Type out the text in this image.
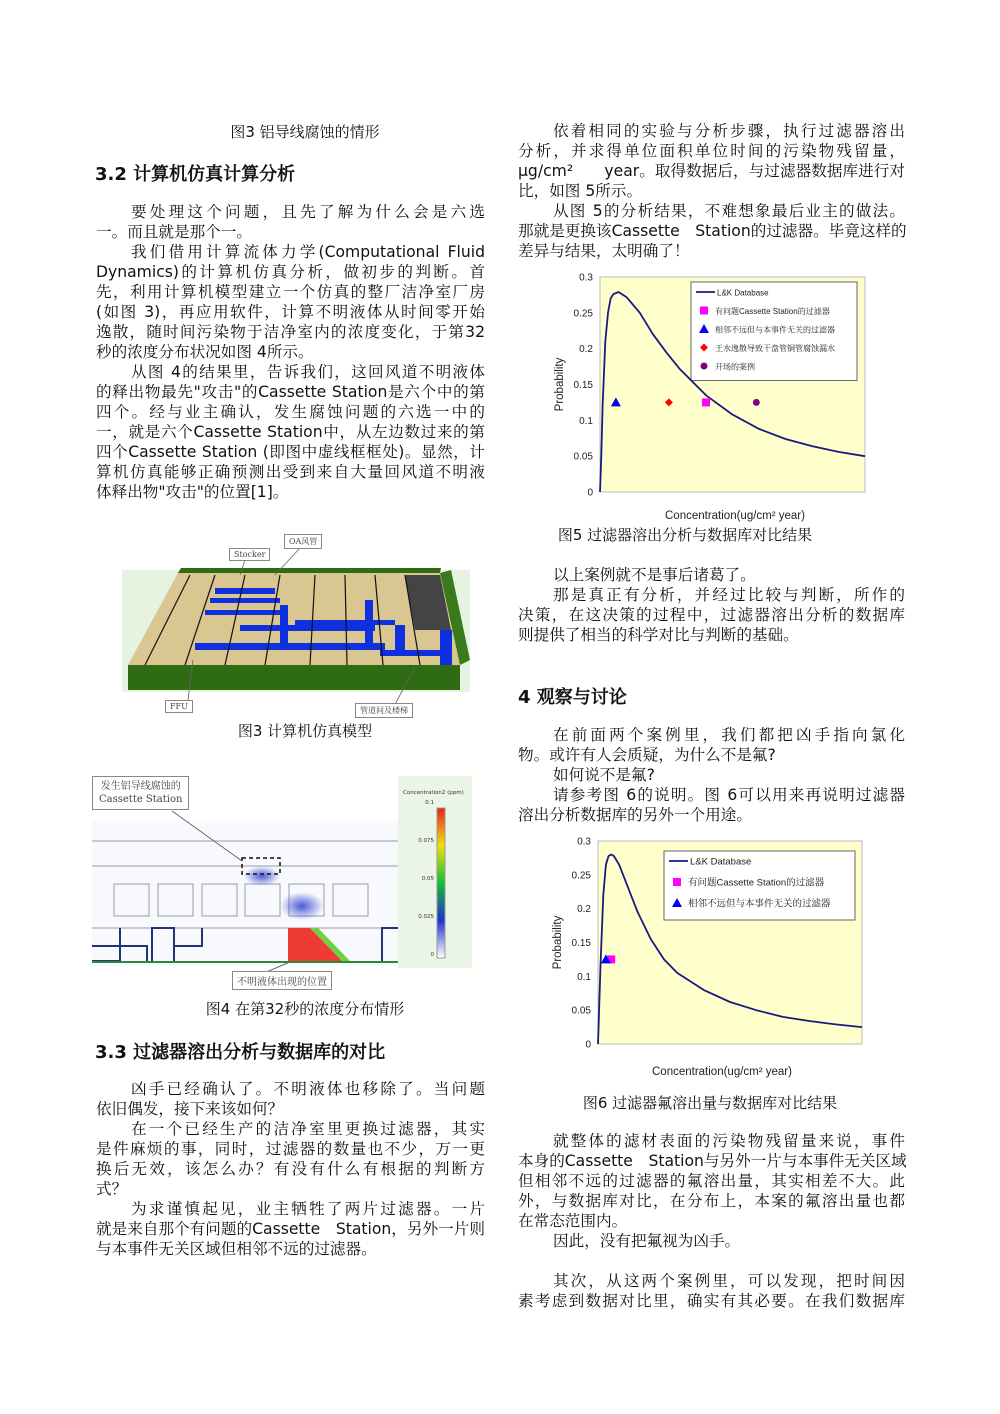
图3 铝导线腐蚀的情形
3.2 计算机仿真计算分析
要处理这个问题，且先了解为什么会是六选
一。而且就是那个一。
我们借用计算流体力学(Computational Fluid
Dynamics)的计算机仿真分析，做初步的判断。首
先，利用计算机模型建立一个仿真的整厂洁净室厂房
(如图 3)，再应用软件，计算不明液体从时间零开始
逸散，随时间污染物于洁净室内的浓度变化，于第32
秒的浓度分布状况如图 4所示。
从图 4的结果里，告诉我们，这回风道不明液体
的释出物最先"攻击"的Cassette Station是六个中的第
四个。经与业主确认，发生腐蚀问题的六选一中的
一，就是六个Cassette Station中，从左边数过来的第
四个Cassette Station (即图中虚线框框处)。显然，计
算机仿真能够正确预测出受到来自大量回风道不明液
体释出物"攻击"的位置[1]。
Stocker
OA风管
FFU	管道间及楼梯
图3 计算机仿真模型
发生铝导线腐蚀的
Cassette Station
Concentration2 (ppm)
0.1
0.075
0.05
0.025
0
不明液体出现的位置
图4 在第32秒的浓度分布情形
3.3 过滤器溶出分析与数据库的对比
凶手已经确认了。不明液体也移除了。当问题
依旧偶发，接下来该如何？
在一个已经生产的洁净室里更换过滤器，其实
是件麻烦的事，同时，过滤器的数量也不少，万一更
换后无效，该怎么办？有没有什么有根据的判断方
式？
为求谨慎起见，业主牺牲了两片过滤器。一片
就是来自那个有问题的Cassette　Station，另外一片则
与本事件无关区域但相邻不远的过滤器。
依着相同的实验与分析步骤，执行过滤器溶出
分析，并求得单位面积单位时间的污染物残留量，
μg/cm²　　year。取得数据后，与过滤器数据库进行对
比，如图 5所示。
从图 5的分析结果，不难想象最后业主的做法。
那就是更换该Cassette　Station的过滤器。毕竟这样的
差异与结果，太明确了！
0
0.05
0.1
0.15
0.2
0.25
0.3
Probability
Concentration(ug/cm² year)
L&K Database
有问题Cassette Station的过滤器
相邻不远但与本事件无关的过滤器
王水逸散导致干盘管铜管腐蚀漏水
开场的案例
图5 过滤器溶出分析与数据库对比结果
以上案例就不是事后诸葛了。
那是真正有分析，并经过比较与判断，所作的
决策，在这决策的过程中，过滤器溶出分析的数据库
则提供了相当的科学对比与判断的基础。
4 观察与讨论
在前面两个案例里，我们都把凶手指向氯化
物。或许有人会质疑，为什么不是氟?
如何说不是氟?
请参考图 6的说明。图 6可以用来再说明过滤器
溶出分析数据库的另外一个用途。
0
0.05
0.1
0.15
0.2
0.25
0.3
Probability
Concentration(ug/cm² year)
L&K Database
有问题Cassette Station的过滤器
相邻不远但与本事件无关的过滤器
图6 过滤器氟溶出量与数据库对比结果
就整体的滤材表面的污染物残留量来说，事件
本身的Cassette　Station与另外一片与本事件无关区域
但相邻不远的过滤器的氟溶出量，其实相差不大。此
外，与数据库对比，在分布上，本案的氟溶出量也都
在常态范围内。
因此，没有把氟视为凶手。
其次，从这两个案例里，可以发现，把时间因
素考虑到数据对比里，确实有其必要。在我们数据库
